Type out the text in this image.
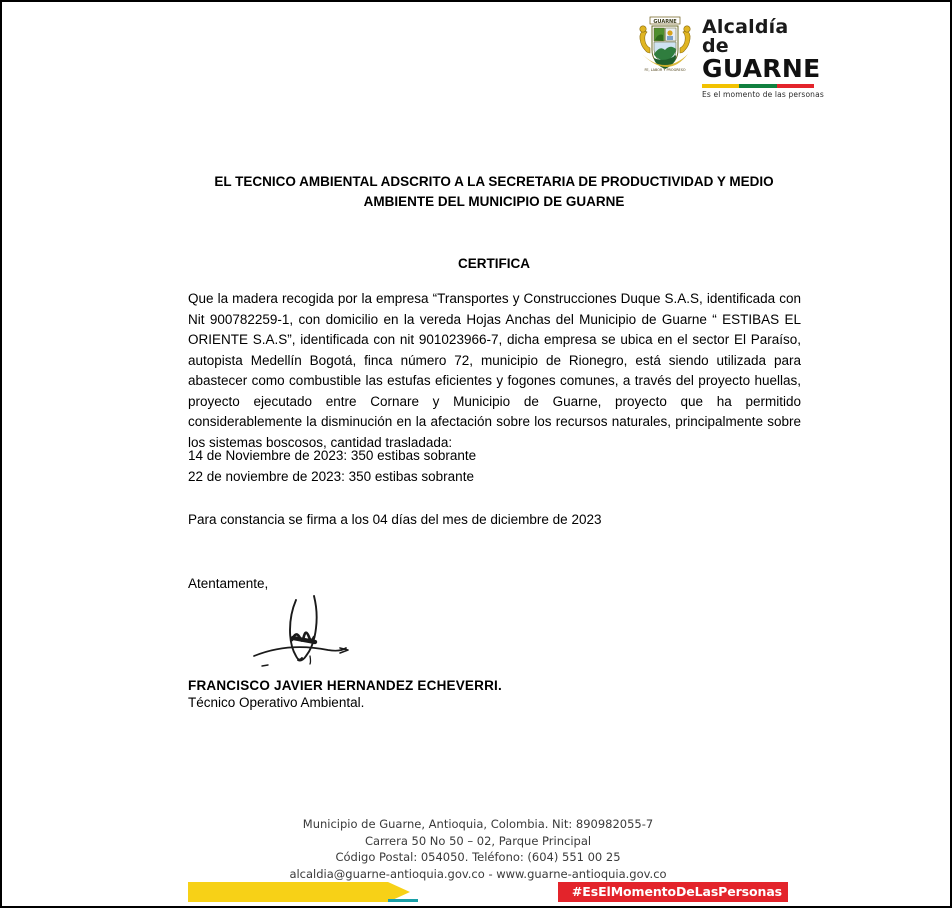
GUARNE
FE, LABOR Y PROGRESO
Alcaldía de
GUARNE
Es el momento de las personas
EL TECNICO AMBIENTAL ADSCRITO A LA SECRETARIA DE PRODUCTIVIDAD Y MEDIO AMBIENTE DEL MUNICIPIO DE GUARNE
CERTIFICA
Que la madera recogida por la empresa “Transportes y Construcciones Duque S.A.S, identificada con Nit 900782259-1, con domicilio en la vereda Hojas Anchas del Municipio de Guarne “ ESTIBAS EL ORIENTE S.A.S”, identificada con nit 901023966-7, dicha empresa se ubica en el sector El Paraíso, autopista Medellín Bogotá, finca número 72, municipio de Rionegro, está siendo utilizada para abastecer como combustible las estufas eficientes y fogones comunes, a través del proyecto huellas, proyecto ejecutado entre Cornare y Municipio de Guarne, proyecto que ha permitido considerablemente la disminución en la afectación sobre los recursos naturales, principalmente sobre los sistemas boscosos, cantidad trasladada:
14 de Noviembre de 2023: 350 estibas sobrante
22 de noviembre de 2023: 350 estibas sobrante
Para constancia se firma a los 04 días del mes de diciembre de 2023
Atentamente,
FRANCISCO JAVIER HERNANDEZ ECHEVERRI.
Técnico Operativo Ambiental.
Municipio de Guarne, Antioquia, Colombia. Nit: 890982055-7
Carrera 50 No 50 – 02, Parque Principal
Código Postal: 054050. Teléfono: (604) 551 00 25
alcaldia@guarne-antioquia.gov.co - www.guarne-antioquia.gov.co
#EsElMomentoDeLasPersonas
